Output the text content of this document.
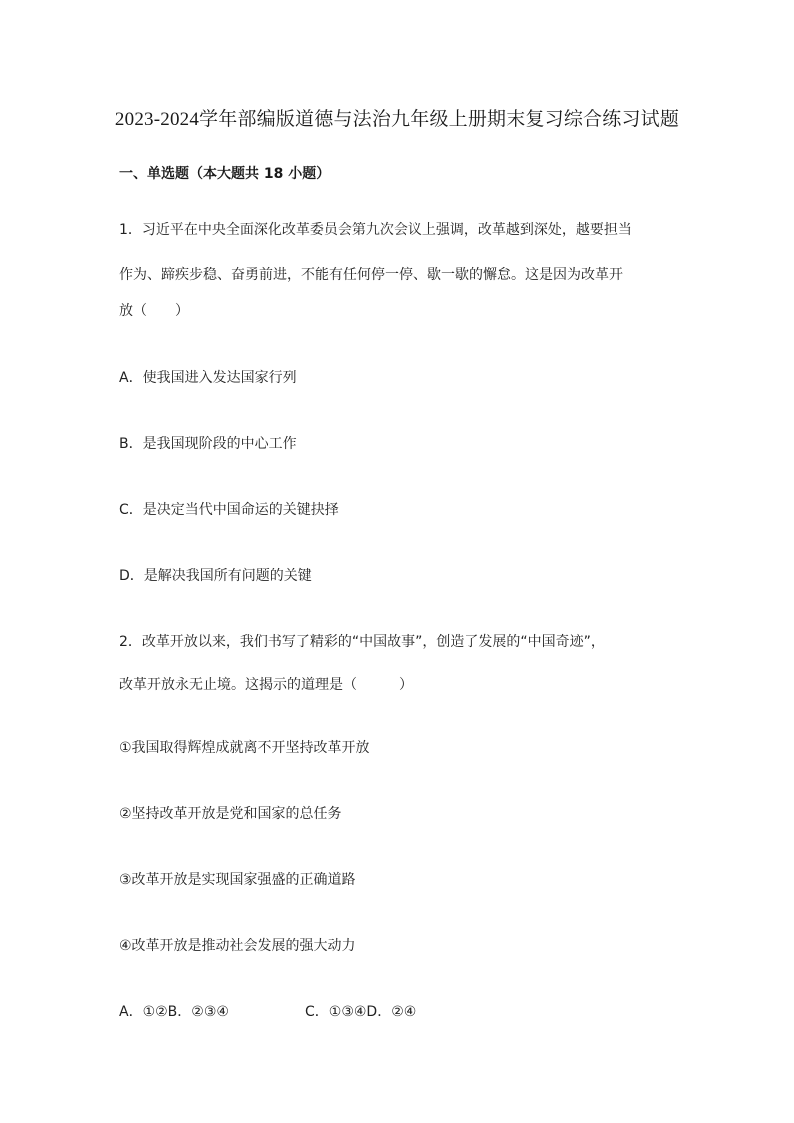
2023-2024学年部编版道德与法治九年级上册期末复习综合练习试题
一、单选题（本大题共 18 小题）
1．习近平在中央全面深化改革委员会第九次会议上强调，改革越到深处，越要担当
作为、蹄疾步稳、奋勇前进，不能有任何停一停、歇一歇的懈怠。这是因为改革开
放（　　）
A．使我国进入发达国家行列
B．是我国现阶段的中心工作
C．是决定当代中国命运的关键抉择
D．是解决我国所有问题的关键
2．改革开放以来，我们书写了精彩的“中国故事”，创造了发展的“中国奇迹”，
改革开放永无止境。这揭示的道理是（　　　）
①我国取得辉煌成就离不开坚持改革开放
②坚持改革开放是党和国家的总任务
③改革开放是实现国家强盛的正确道路
④改革开放是推动社会发展的强大动力
A．①②B．②③④	C．①③④D．②④
